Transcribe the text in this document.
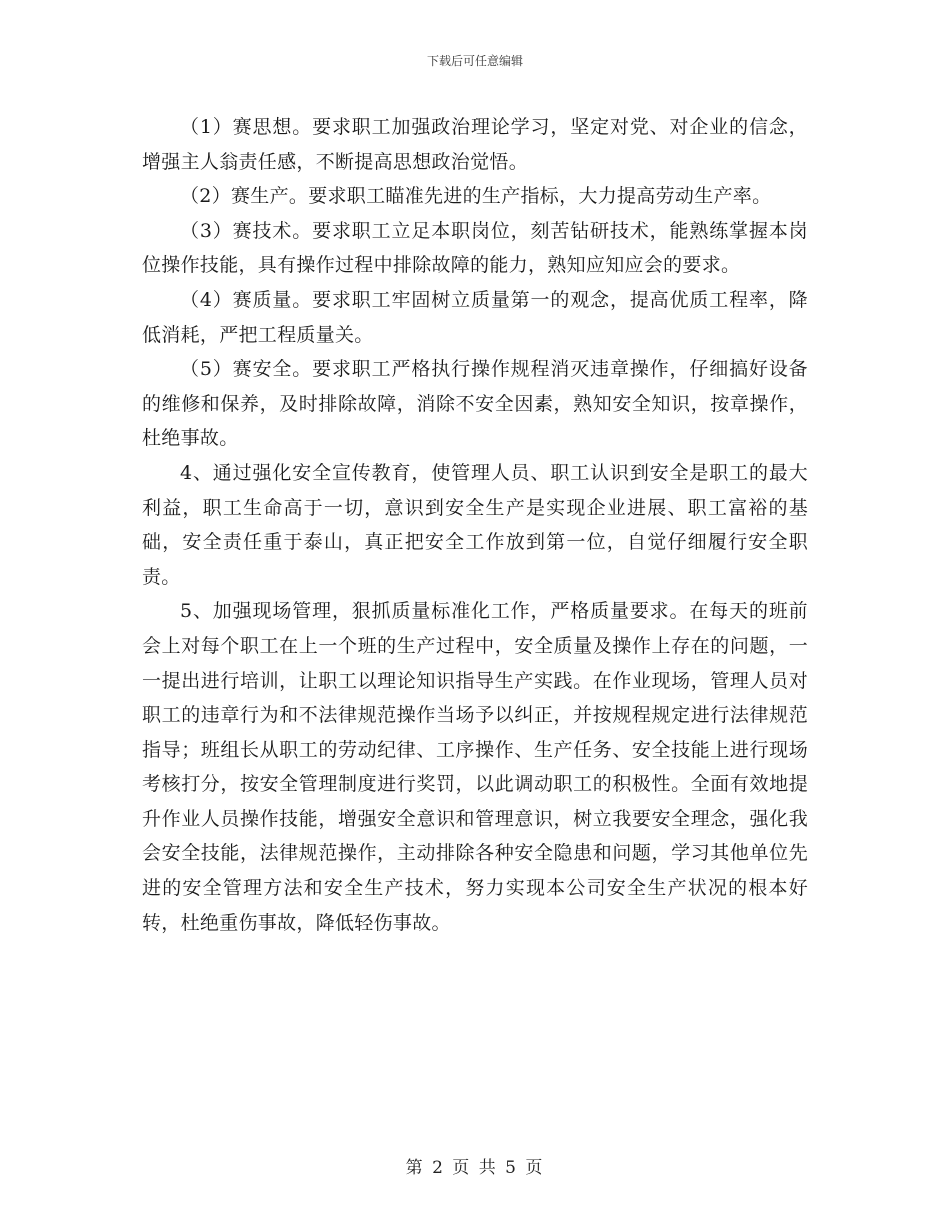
下载后可任意编辑

（1）赛思想。要求职工加强政治理论学习，坚定对党、对企业的信念，增强主人翁责任感，不断提高思想政治觉悟。

（2）赛生产。要求职工瞄准先进的生产指标，大力提高劳动生产率。

（3）赛技术。要求职工立足本职岗位，刻苦钻研技术，能熟练掌握本岗位操作技能，具有操作过程中排除故障的能力，熟知应知应会的要求。

（4）赛质量。要求职工牢固树立质量第一的观念，提高优质工程率，降低消耗，严把工程质量关。

（5）赛安全。要求职工严格执行操作规程消灭违章操作，仔细搞好设备的维修和保养，及时排除故障，消除不安全因素，熟知安全知识，按章操作，杜绝事故。

4、通过强化安全宣传教育，使管理人员、职工认识到安全是职工的最大利益，职工生命高于一切，意识到安全生产是实现企业进展、职工富裕的基础，安全责任重于泰山，真正把安全工作放到第一位，自觉仔细履行安全职责。

5、加强现场管理，狠抓质量标准化工作，严格质量要求。在每天的班前会上对每个职工在上一个班的生产过程中，安全质量及操作上存在的问题，一一提出进行培训，让职工以理论知识指导生产实践。在作业现场，管理人员对职工的违章行为和不法律规范操作当场予以纠正，并按规程规定进行法律规范指导；班组长从职工的劳动纪律、工序操作、生产任务、安全技能上进行现场考核打分，按安全管理制度进行奖罚，以此调动职工的积极性。全面有效地提升作业人员操作技能，增强安全意识和管理意识，树立我要安全理念，强化我会安全技能，法律规范操作，主动排除各种安全隐患和问题，学习其他单位先进的安全管理方法和安全生产技术，努力实现本公司安全生产状况的根本好转，杜绝重伤事故，降低轻伤事故。

第 2 页 共 5 页
